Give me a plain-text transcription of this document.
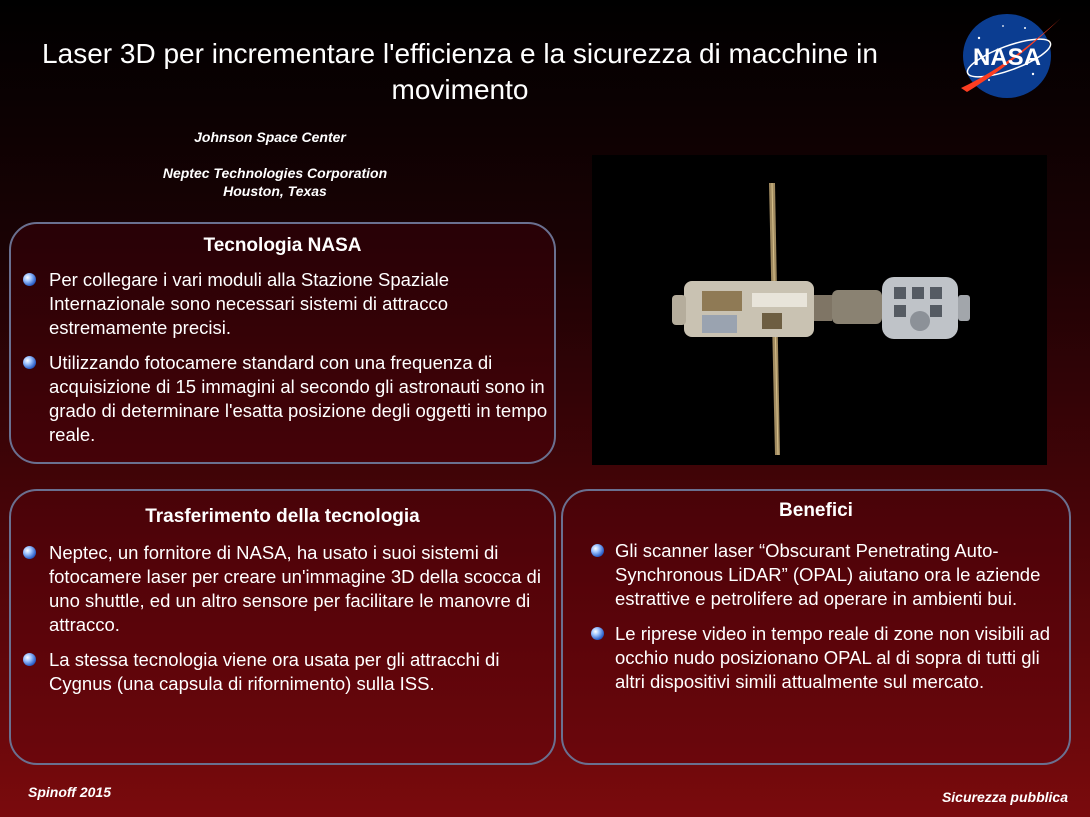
Laser 3D per incrementare l'efficienza e la sicurezza di macchine in movimento
NASA
Johnson Space Center
Neptec Technologies Corporation
Houston, Texas
Tecnologia NASA
Per collegare i vari moduli alla Stazione Spaziale Internazionale sono necessari sistemi di attracco estremamente precisi.
Utilizzando fotocamere standard con una frequenza di acquisizione di 15 immagini al secondo gli astronauti sono in grado di determinare l'esatta posizione degli oggetti in tempo reale.
Trasferimento della tecnologia
Neptec, un fornitore di NASA, ha usato i suoi sistemi di fotocamere laser per creare un'immagine 3D della scocca di uno shuttle, ed un altro sensore per facilitare le manovre di attracco.
La stessa tecnologia viene ora usata per gli attracchi di Cygnus (una capsula di rifornimento) sulla ISS.
Benefici
Gli scanner laser “Obscurant Penetrating Auto-Synchronous LiDAR” (OPAL) aiutano ora le aziende estrattive e petrolifere ad operare in ambienti bui.
Le riprese video in tempo reale di zone non visibili ad occhio nudo posizionano OPAL al di sopra di tutti gli altri dispositivi simili attualmente sul mercato.
Spinoff 2015	Sicurezza pubblica
